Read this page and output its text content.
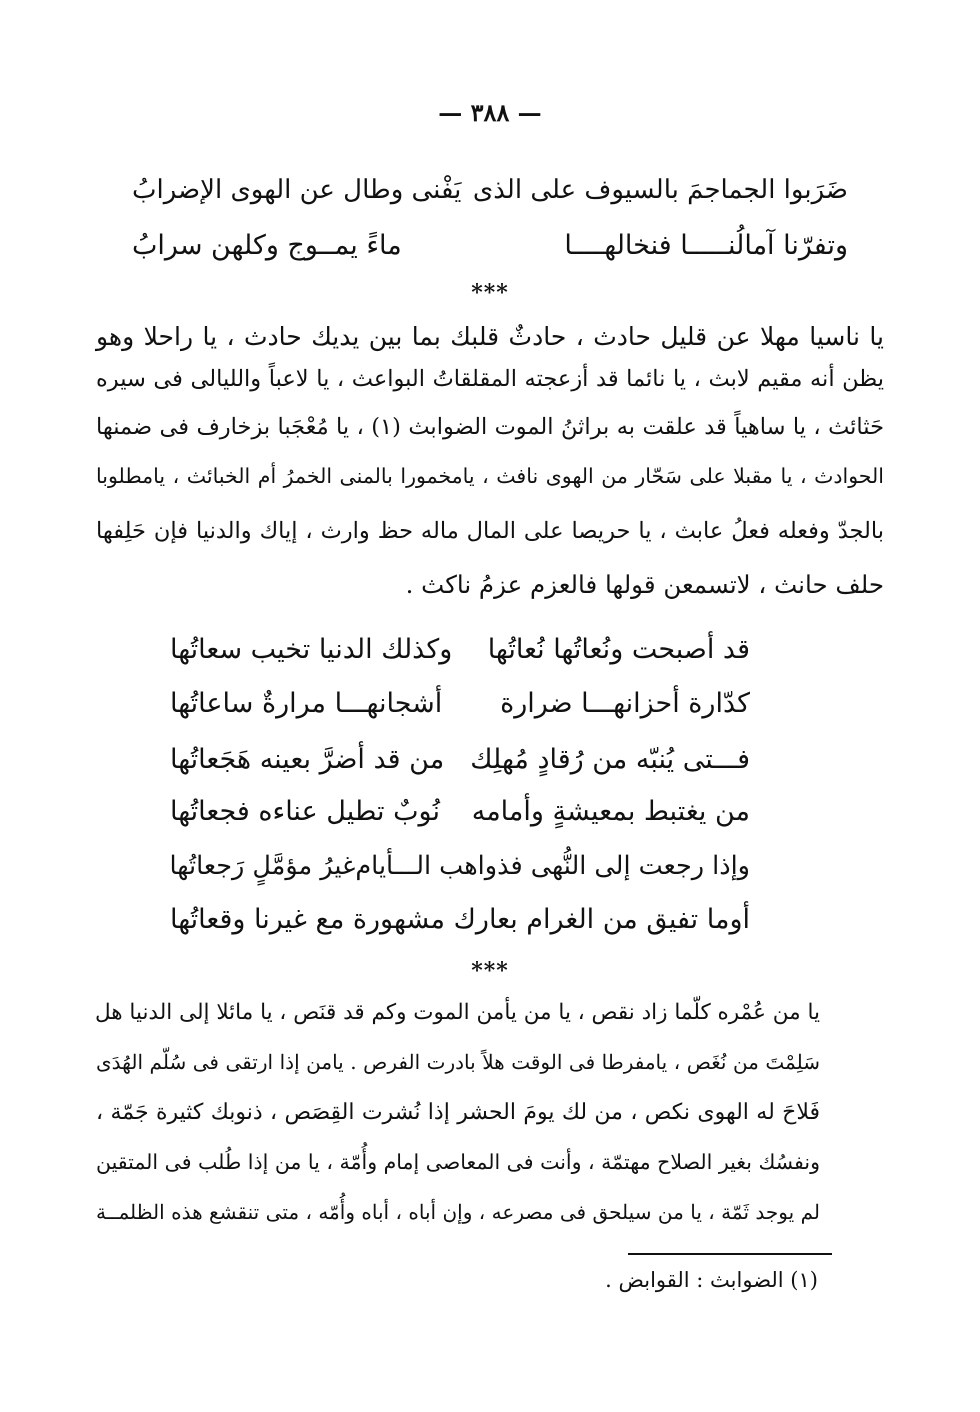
— ٣٨٨ —
ضَرَبوا الجماجمَ بالسيوف على الذى
يَفْنى وطال عن الهوى الإضرابُ
وتفرّنا آمالُنـــــا فنخالهــــا
ماءً يمــوج وكلهن سرابُ
***
يا ناسيا مهلا عن قليل حادث ، حادثٌ قلبك بما بين يديك حادث ، يا راحلا وهو
يظن أنه مقيم لابث ، يا نائما قد أزعجته المقلقاتُ البواعث ، يا لاعباً والليالى فى سيره
حَثائث ، يا ساهياً قد علقت به براثنُ الموت الضوابث (١) ، يا مُعْجَبا بزخارف فى ضمنها
الحوادث ، يا مقبلا على سَحّار من الهوى نافث ، يامخمورا بالمنى الخمرُ أم الخبائث ، يامطلوبا
بالجدّ وفعله فعلُ عابث ، يا حريصا على المال ماله حظ وارث ، إياك والدنيا فإن حَلِفها
حلف حانث ، لاتسمعن قولها فالعزم عزمُ ناكث .
قد أصبحت ونُعاتُها نُعاتُها
وكذلك الدنيا تخيب سعاتُها
كدّارة أحزانهـــا ضرارة
أشجانهـــا مرارةٌ ساعاتُها
فـــتى يُنبّه من رُقادٍ مُهلِك
من قد أضرَّ بعينه هَجَعاتُها
من يغتبط بمعيشةٍ وأمامه
نُوبٌ تطيل عناءه فجعاتُها
وإذا رجعت إلى النُّهى فذواهب الـــأيام
غيرُ مؤمَّلٍ رَجعاتُها
أوما تفيق من الغرام بعارك
مشهورة مع غيرنا وقعاتُها
***
يا من عُمْره كلّما زاد نقص ، يا من يأمن الموت وكم قد قنَص ، يا مائلا إلى الدنيا هل
سَلِمْتَ من نُغَص ، يامفرطا فى الوقت هلاً بادرت الفرص . يامن إذا ارتقى فى سُلّم الهُدَى
فَلاحَ له الهوى نكص ، من لك يومَ الحشر إذا نُشرت القِصَص ، ذنوبك كثيرة جَمّة ،
ونفسُك بغير الصلاح مهتمّة ، وأنت فى المعاصى إمام وأُمّة ، يا من إذا طُلب فى المتقين
لم يوجد ثَمّة ، يا من سيلحق فى مصرعه ، وإن أباه ، أباه وأُمّه ، متى تنقشع هذه الظلمــة
(١) الضوابث : القوابض .
